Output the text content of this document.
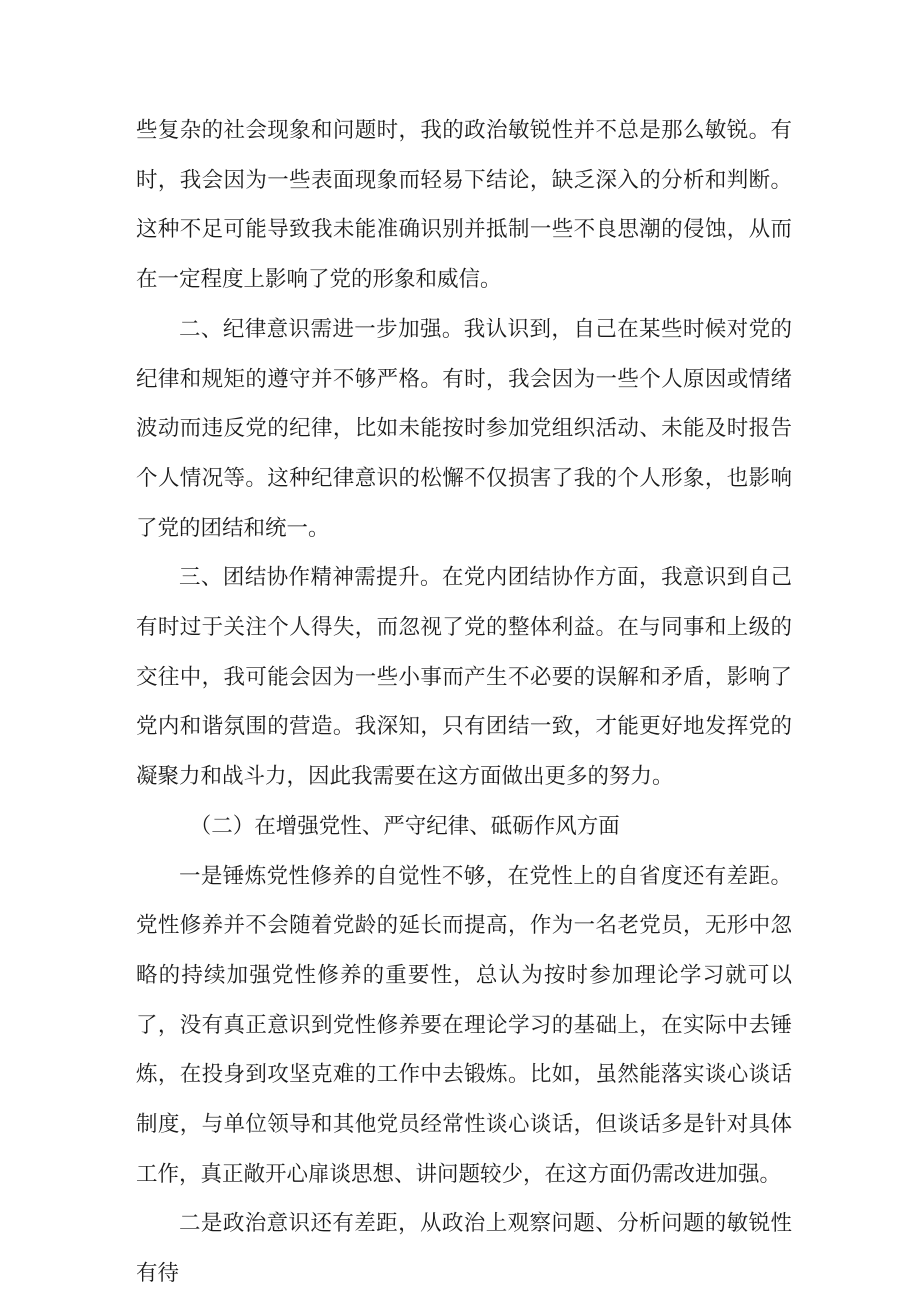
些复杂的社会现象和问题时，我的政治敏锐性并不总是那么敏锐。有时，我会因为一些表面现象而轻易下结论，缺乏深入的分析和判断。这种不足可能导致我未能准确识别并抵制一些不良思潮的侵蚀，从而在一定程度上影响了党的形象和威信。

二、纪律意识需进一步加强。我认识到，自己在某些时候对党的纪律和规矩的遵守并不够严格。有时，我会因为一些个人原因或情绪波动而违反党的纪律，比如未能按时参加党组织活动、未能及时报告个人情况等。这种纪律意识的松懈不仅损害了我的个人形象，也影响了党的团结和统一。

三、团结协作精神需提升。在党内团结协作方面，我意识到自己有时过于关注个人得失，而忽视了党的整体利益。在与同事和上级的交往中，我可能会因为一些小事而产生不必要的误解和矛盾，影响了党内和谐氛围的营造。我深知，只有团结一致，才能更好地发挥党的凝聚力和战斗力，因此我需要在这方面做出更多的努力。

（二）在增强党性、严守纪律、砥砺作风方面

一是锤炼党性修养的自觉性不够，在党性上的自省度还有差距。党性修养并不会随着党龄的延长而提高，作为一名老党员，无形中忽略的持续加强党性修养的重要性，总认为按时参加理论学习就可以了，没有真正意识到党性修养要在理论学习的基础上，在实际中去锤炼，在投身到攻坚克难的工作中去锻炼。比如，虽然能落实谈心谈话制度，与单位领导和其他党员经常性谈心谈话，但谈话多是针对具体工作，真正敞开心扉谈思想、讲问题较少，在这方面仍需改进加强。

二是政治意识还有差距，从政治上观察问题、分析问题的敏锐性有待
